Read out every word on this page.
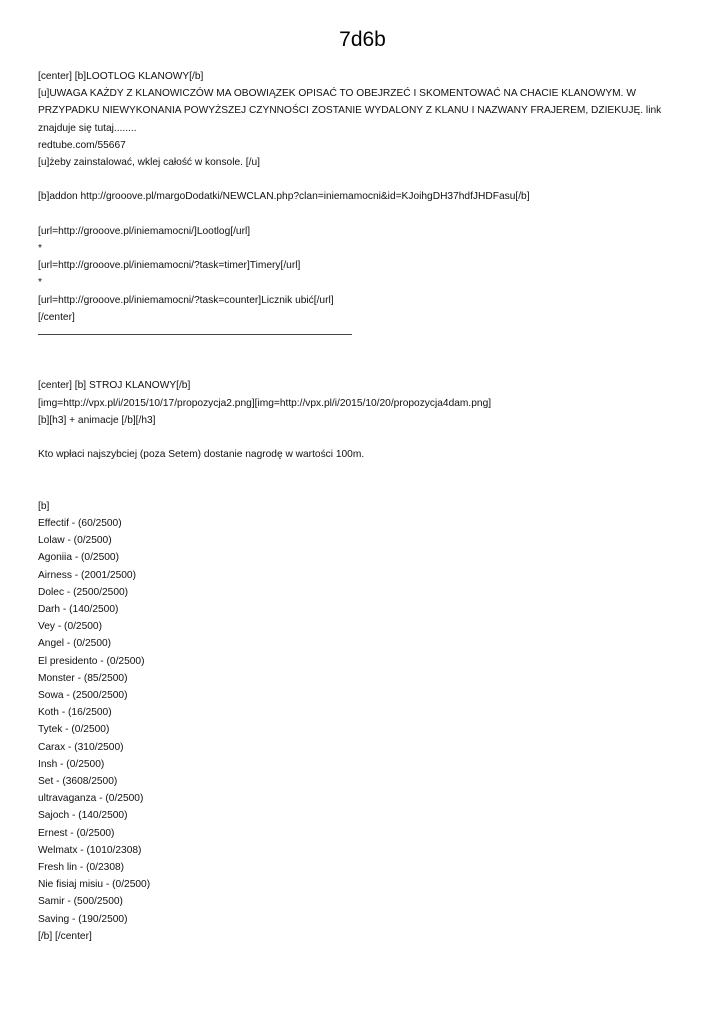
7d6b
[center] [b]LOOTLOG KLANOWY[/b]
[u]UWAGA KAŻDY Z KLANOWICZÓW MA OBOWIĄZEK OPISAĆ TO OBEJRZEĆ I SKOMENTOWAĆ NA CHACIE KLANOWYM. W PRZYPADKU NIEWYKONANIA POWYŻSZEJ CZYNNOŚCI ZOSTANIE WYDALONY Z KLANU I NAZWANY FRAJEREM, DZIEKUJĘ. link znajduje się tutaj........
redtube.com/55667
[u]żeby zainstalować, wklej całość w konsole. [/u]
[b]addon http://grooove.pl/margoDodatki/NEWCLAN.php?clan=iniemamocni&id=KJoihgDH37hdfJHDFasu[/b]
[url=http://grooove.pl/iniemamocni/]Lootlog[/url]
*
[url=http://grooove.pl/iniemamocni/?task=timer]Timery[/url]
*
[url=http://grooove.pl/iniemamocni/?task=counter]Licznik ubić[/url]
[/center]
[center] [b] STROJ KLANOWY[/b]
[img=http://vpx.pl/i/2015/10/17/propozycja2.png][img=http://vpx.pl/i/2015/10/20/propozycja4dam.png]
[b][h3] + animacje [/b][/h3]
Kto wpłaci najszybciej (poza Setem) dostanie nagrodę w wartości 100m.
[b]
Effectif - (60/2500)
Lolaw - (0/2500)
Agoniia - (0/2500)
Airness - (2001/2500)
Dolec - (2500/2500)
Darh - (140/2500)
Vey - (0/2500)
Angel - (0/2500)
El presidento - (0/2500)
Monster - (85/2500)
Sowa - (2500/2500)
Koth - (16/2500)
Tytek - (0/2500)
Carax - (310/2500)
Insh - (0/2500)
Set - (3608/2500)
ultravaganza - (0/2500)
Sajoch - (140/2500)
Ernest - (0/2500)
Welmatx - (1010/2308)
Fresh lin - (0/2308)
Nie fisiaj misiu - (0/2500)
Samir - (500/2500)
Saving - (190/2500)
[/b] [/center]
